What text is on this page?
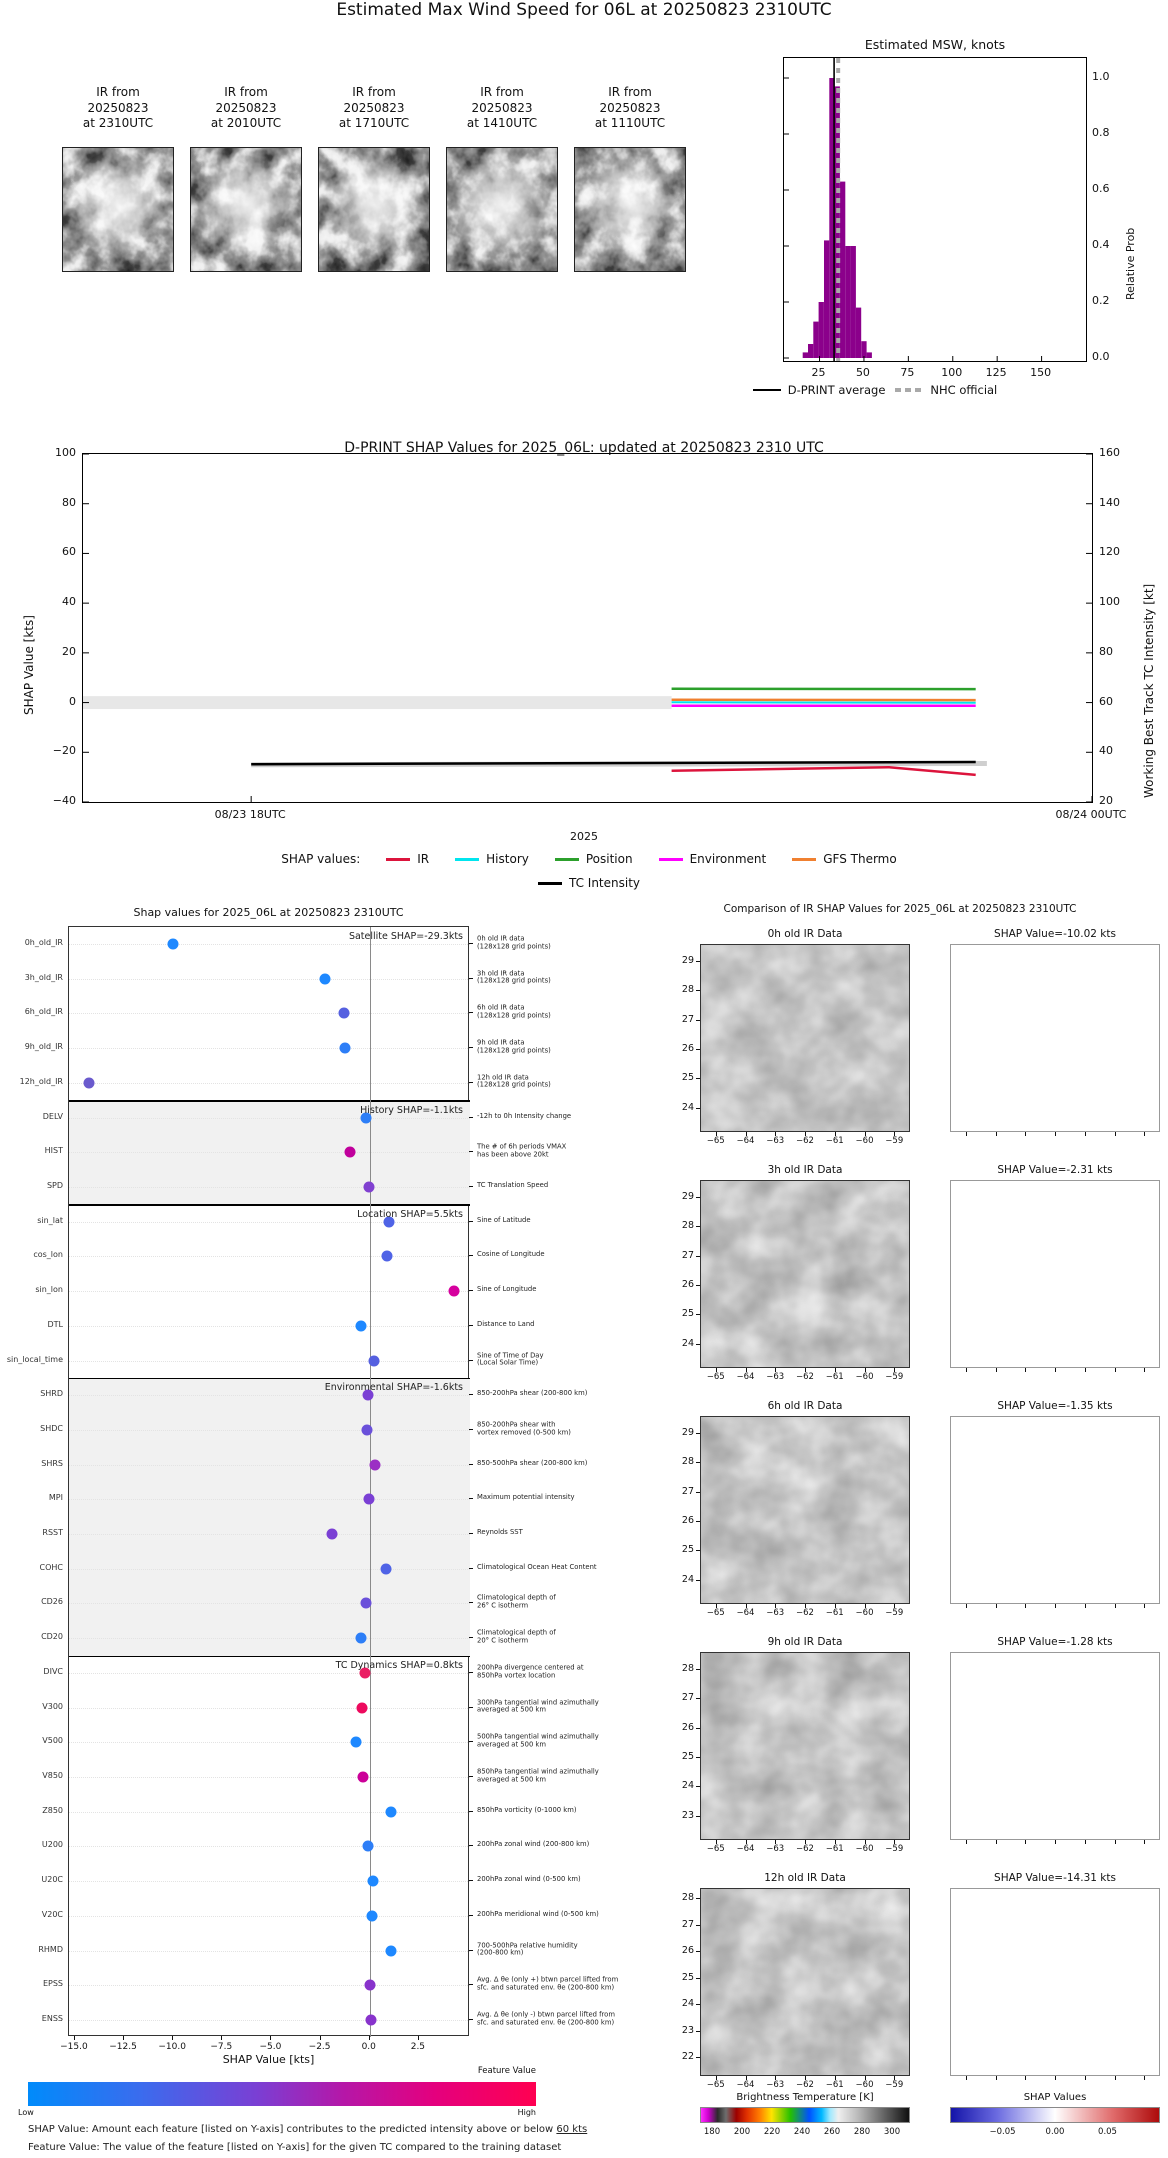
Estimated Max Wind Speed for 06L at 20250823 2310UTC
IR from
20250823
at 2310UTC
IR from
20250823
at 2010UTC
IR from
20250823
at 1710UTC
IR from
20250823
at 1410UTC
IR from
20250823
at 1110UTC
Estimated MSW, knots
Relative Prob
D-PRINT average	NHC official
D-PRINT SHAP Values for 2025_06L: updated at 20250823 2310 UTC
SHAP Value [kts]	Working Best Track TC Intensity [kt]
2025
SHAP values:	IR	History	Position	Environment	GFS Thermo
TC Intensity
Shap values for 2025_06L at 20250823 2310UTC
SHAP Value [kts]
Feature Value
Low	High
SHAP Value: Amount each feature [listed on Y-axis] contributes to the predicted intensity above or below 60 kts
Feature Value: The value of the feature [listed on Y-axis] for the given TC compared to the training dataset
Comparison of IR SHAP Values for 2025_06L at 20250823 2310UTC
0h old IR Data	SHAP Value=-10.02 kts
29
28
27
26
25
24
−65	−64	−63	−62	−61	−60	−59
3h old IR Data	SHAP Value=-2.31 kts
29
28
27
26
25
24
−65	−64	−63	−62	−61	−60	−59
6h old IR Data	SHAP Value=-1.35 kts
29
28
27
26
25
24
−65	−64	−63	−62	−61	−60	−59
9h old IR Data	SHAP Value=-1.28 kts
28
27
26
25
24
23
−65	−64	−63	−62	−61	−60	−59
12h old IR Data	SHAP Value=-14.31 kts
28
27
26
25
24
23
22
−65	−64	−63	−62	−61	−60	−59
Brightness Temperature [K]
180	200	220	240	260	280	300
SHAP Values
−0.05	0.00	0.05
25	50	75	100	125	150
0.0
0.2
0.4
0.6
0.8
1.0
100
80
60
40
20
0
−20
−40
160
140
120
100
80
60
40
20
08/23 18UTC	08/24 00UTC
0h_old_IR	0h old IR data
(128x128 grid points)
3h_old_IR	3h old IR data
(128x128 grid points)
6h_old_IR	6h old IR data
(128x128 grid points)
9h_old_IR	9h old IR data
(128x128 grid points)
12h_old_IR	12h old IR data
(128x128 grid points)
DELV	-12h to 0h Intensity change
HIST	The # of 6h periods VMAX
has been above 20kt
SPD	TC Translation Speed
sin_lat	Sine of Latitude
cos_lon	Cosine of Longitude
sin_lon	Sine of Longitude
DTL	Distance to Land
sin_local_time	Sine of Time of Day
(Local Solar Time)
SHRD	850-200hPa shear (200-800 km)
SHDC	850-200hPa shear with
vortex removed (0-500 km)
SHRS	850-500hPa shear (200-800 km)
MPI	Maximum potential intensity
RSST	Reynolds SST
COHC	Climatological Ocean Heat Content
CD26	Climatological depth of
26° C isotherm
CD20	Climatological depth of
20° C isotherm
DIVC	200hPa divergence centered at
850hPa vortex location
V300	300hPa tangential wind azimuthally
averaged at 500 km
V500	500hPa tangential wind azimuthally
averaged at 500 km
V850	850hPa tangential wind azimuthally
averaged at 500 km
Z850	850hPa vorticity (0-1000 km)
U200	200hPa zonal wind (200-800 km)
U20C	200hPa zonal wind (0-500 km)
V20C	200hPa meridional wind (0-500 km)
RHMD	700-500hPa relative humidity
(200-800 km)
EPSS	Avg. Δ θe (only +) btwn parcel lifted from
sfc. and saturated env. θe (200-800 km)
ENSS	Avg. Δ θe (only -) btwn parcel lifted from
sfc. and saturated env. θe (200-800 km)
Satellite SHAP=-29.3kts
History SHAP=-1.1kts
Location SHAP=5.5kts
Environmental SHAP=-1.6kts
TC Dynamics SHAP=0.8kts
−15.0	−12.5	−10.0	−7.5	−5.0	−2.5	0.0	2.5
